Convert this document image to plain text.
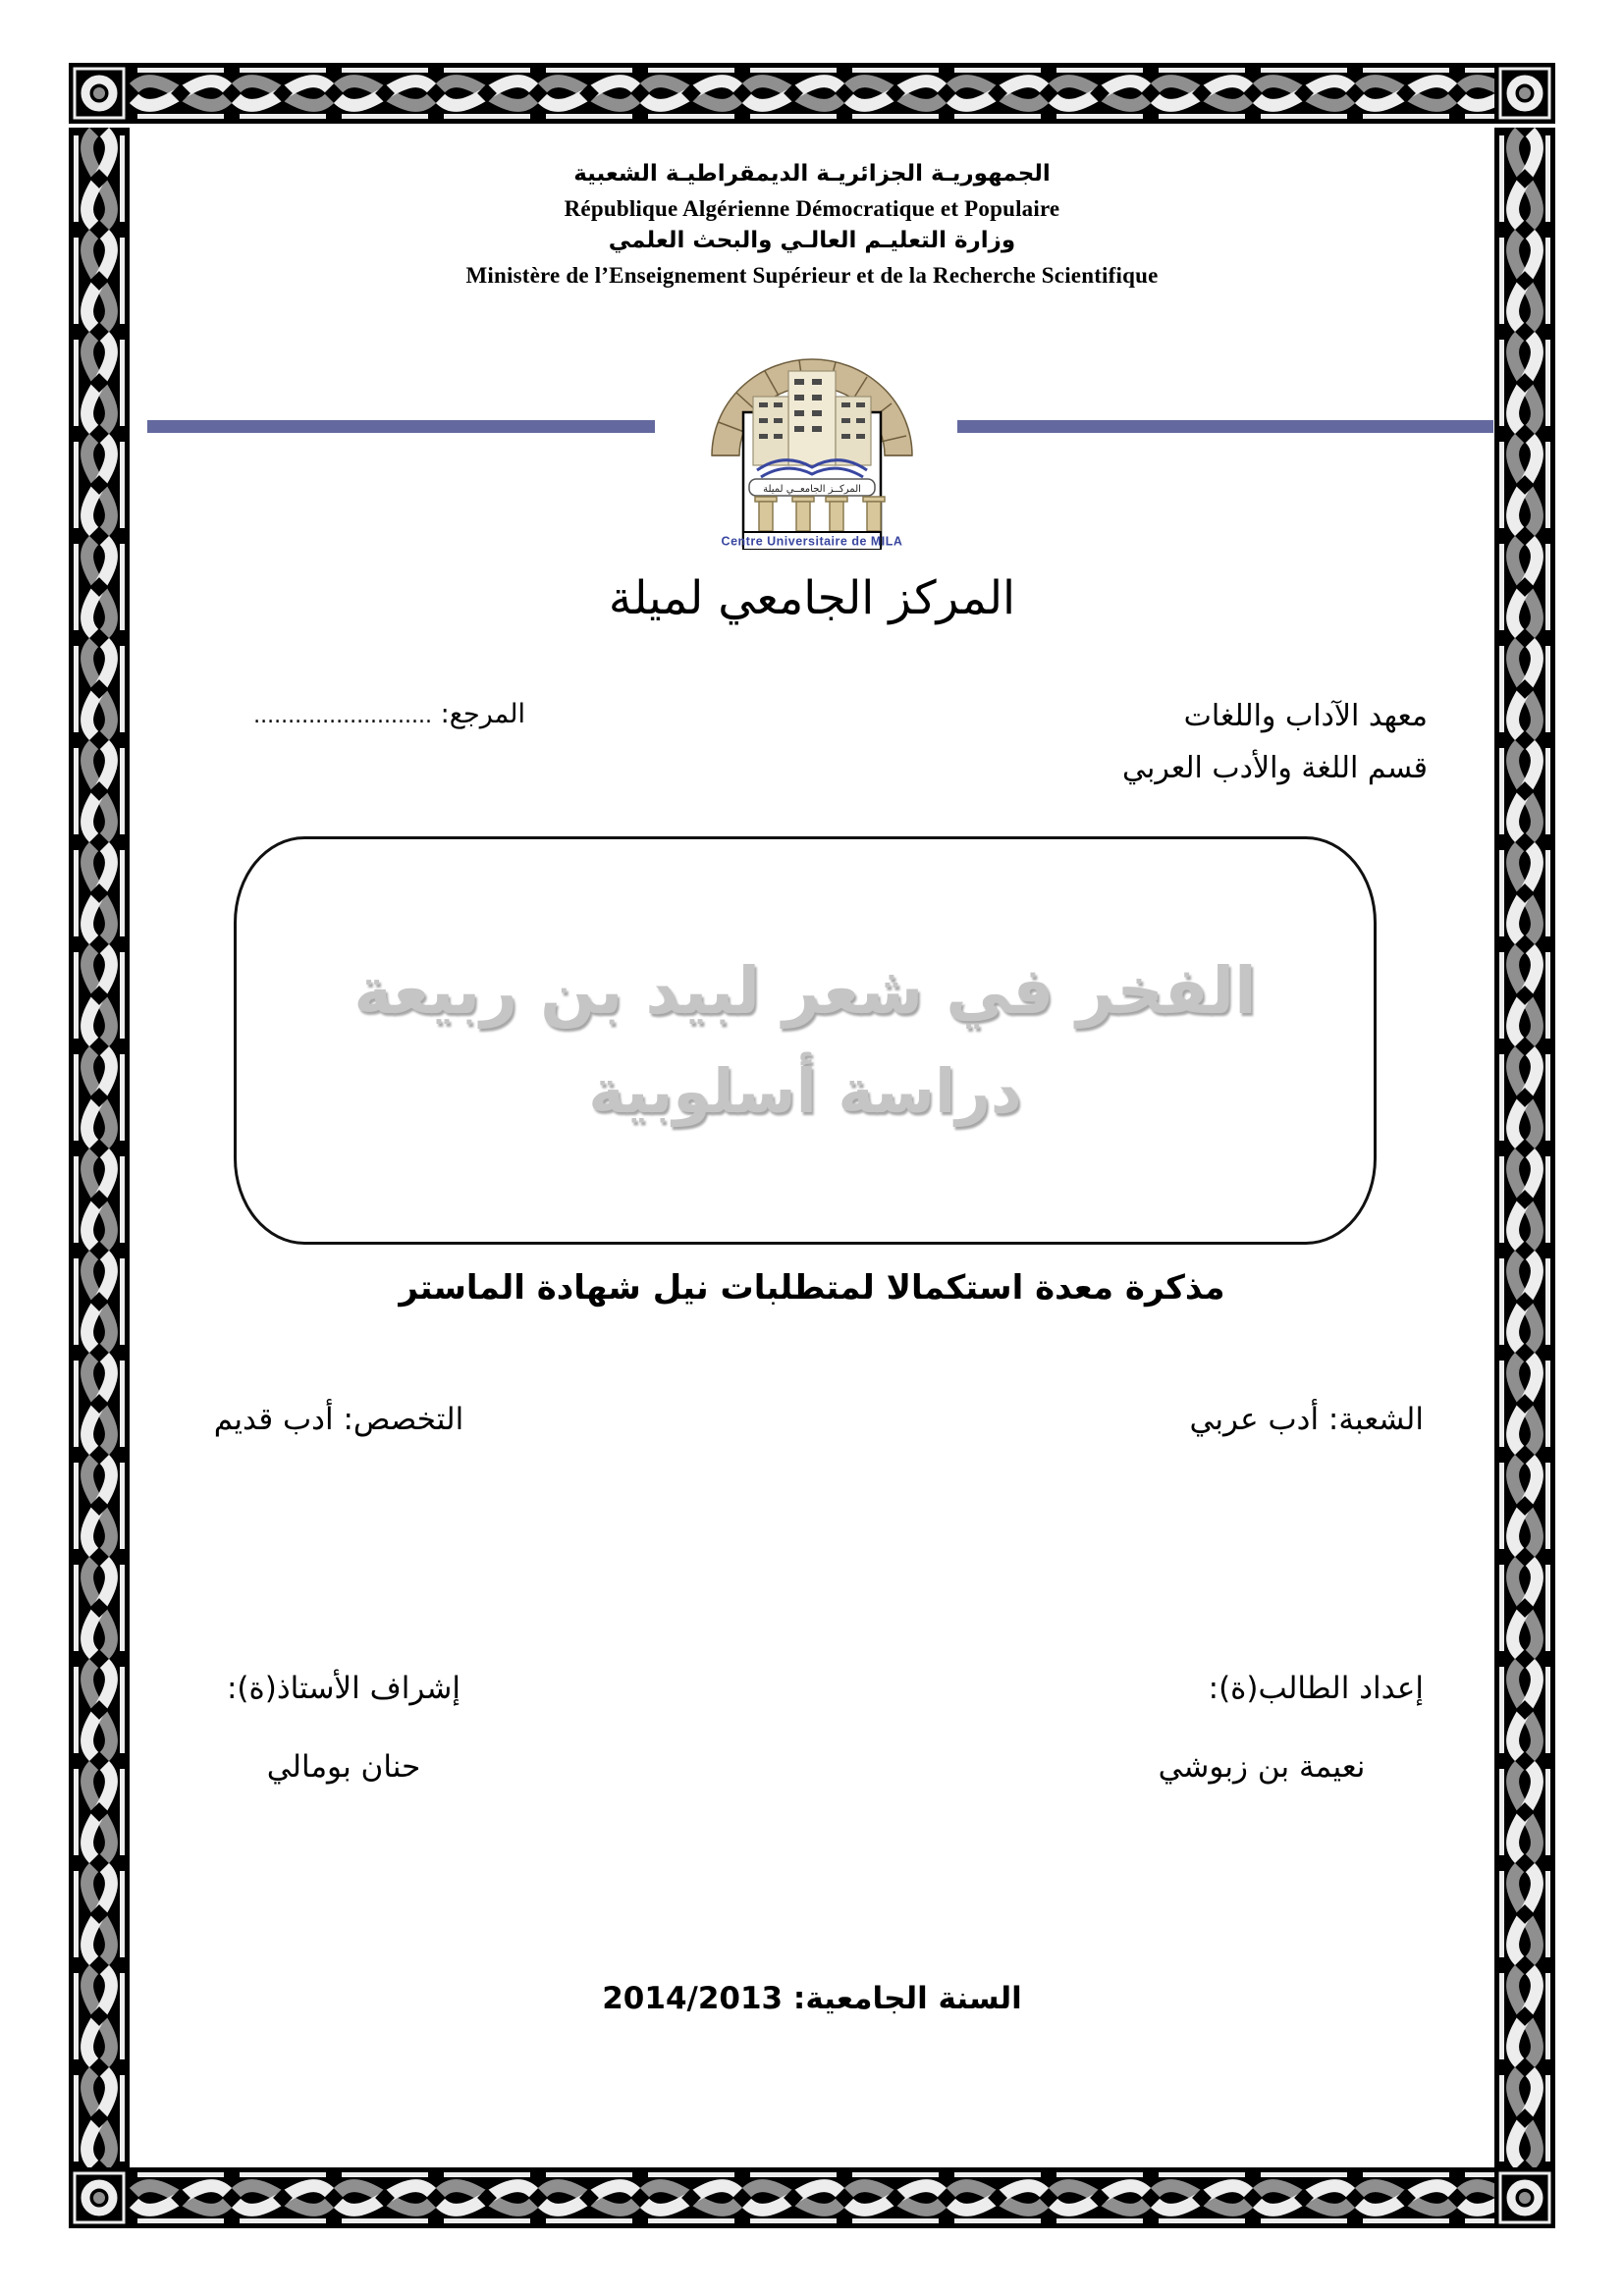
الجمهوريـة الجزائريـة الديمقراطيـة الشعبية
République Algérienne Démocratique et Populaire
وزارة التعليـم العالـي والبحث العلمي
Ministère de l’Enseignement Supérieur et de la Recherche Scientifique
المركــز الجامعــي لميلة
Centre Universitaire de MILA
المركز الجامعي لميلة
معهد الآداب واللغات
قسم اللغة والأدب العربي
المرجع: ..........................
الفخر في شعر لبيد بن ربيعة
دراسة أسلوبية
مذكرة معدة استكمالا لمتطلبات نيل شهادة الماستر
الشعبة: أدب عربي
التخصص: أدب قديم
إعداد الطالب(ة):
نعيمة بن زبوشي
إشراف الأستاذ(ة):
حنان بومالي
السنة الجامعية: 2014/2013
